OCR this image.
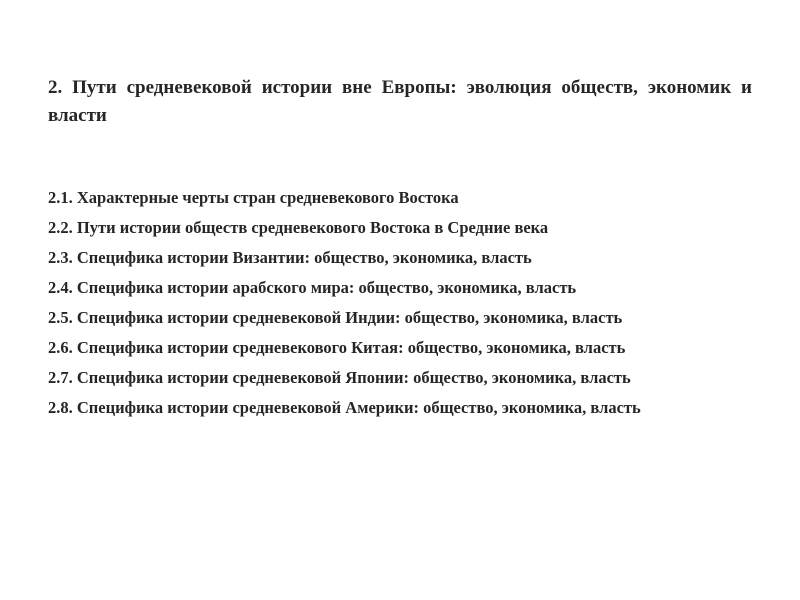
2. Пути средневековой истории вне Европы: эволюция обществ, экономик и власти
2.1. Характерные черты стран средневекового Востока
2.2. Пути истории обществ средневекового Востока в Средние века
2.3. Специфика истории Византии: общество, экономика, власть
2.4. Специфика истории арабского мира: общество, экономика, власть
2.5. Специфика истории средневековой Индии: общество, экономика, власть
2.6. Специфика истории средневекового Китая: общество, экономика, власть
2.7. Специфика истории средневековой Японии: общество, экономика, власть
2.8. Специфика истории средневековой Америки: общество, экономика, власть
